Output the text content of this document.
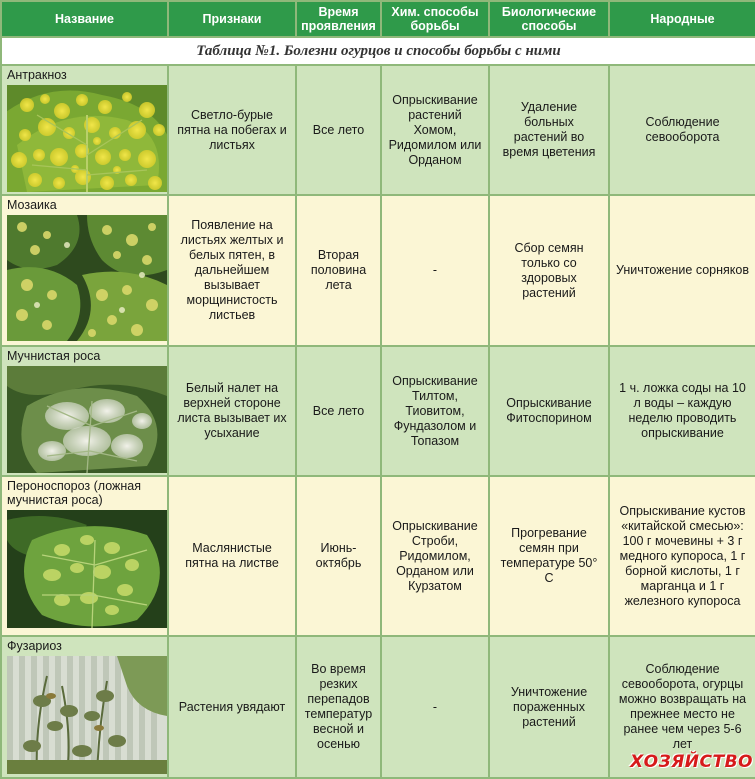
Название	Признаки	Время проявления	Хим. способы борьбы	Биологические способы	Народные
Таблица №1. Болезни огурцов и способы борьбы с ними					

Антракноз	Светло-бурые пятна на побегах и листьях	Все лето	Опрыскивание растений Хомом, Ридомилом или Орданом	Удаление больных растений во время цветения	Соблюдение севооборота

Мозаика	Появление на листьях желтых и белых пятен, в дальнейшем вызывает морщинистость листьев	Вторая половина лета	-	Сбор семян только со здоровых растений	Уничтожение сорняков

Мучнистая роса	Белый налет на верхней стороне листа вызывает их усыхание	Все лето	Опрыскивание Тилтом, Тиовитом, Фундазолом и Топазом	Опрыскивание Фитоспорином	1 ч. ложка соды на 10 л воды – каждую неделю проводить опрыскивание

Пероноспороз (ложная мучнистая роса)	Маслянистые пятна на листве	Июнь-октябрь	Опрыскивание Строби, Ридомилом, Орданом или Курзатом	Прогревание семян при температуре 50° С	Опрыскивание кустов «китайской смесью»: 100 г мочевины + 3 г медного купороса, 1 г борной кислоты, 1 г марганца и 1 г железного купороса

Фузариоз	Растения увядают	Во время резких перепадов температур весной и осенью	-	Уничтожение пораженных растений	Соблюдение севооборота, огурцы можно возвращать на прежнее место не ранее чем через 5-6 лет
ХОЗЯЙСТВО
